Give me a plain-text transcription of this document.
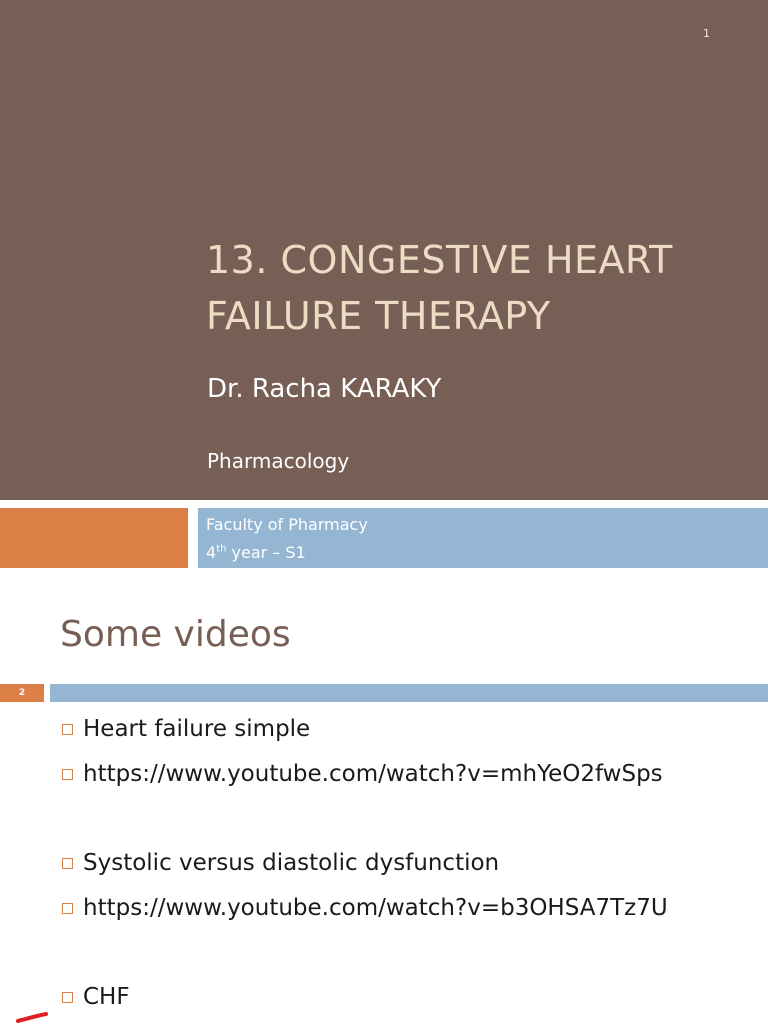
1
13. CONGESTIVE HEART FAILURE THERAPY
Dr. Racha KARAKY
Pharmacology
Faculty of Pharmacy
4th year – S1
Some videos
2
Heart failure simple
https://www.youtube.com/watch?v=mhYeO2fwSps
Systolic versus diastolic dysfunction
https://www.youtube.com/watch?v=b3OHSA7Tz7U
CHF
